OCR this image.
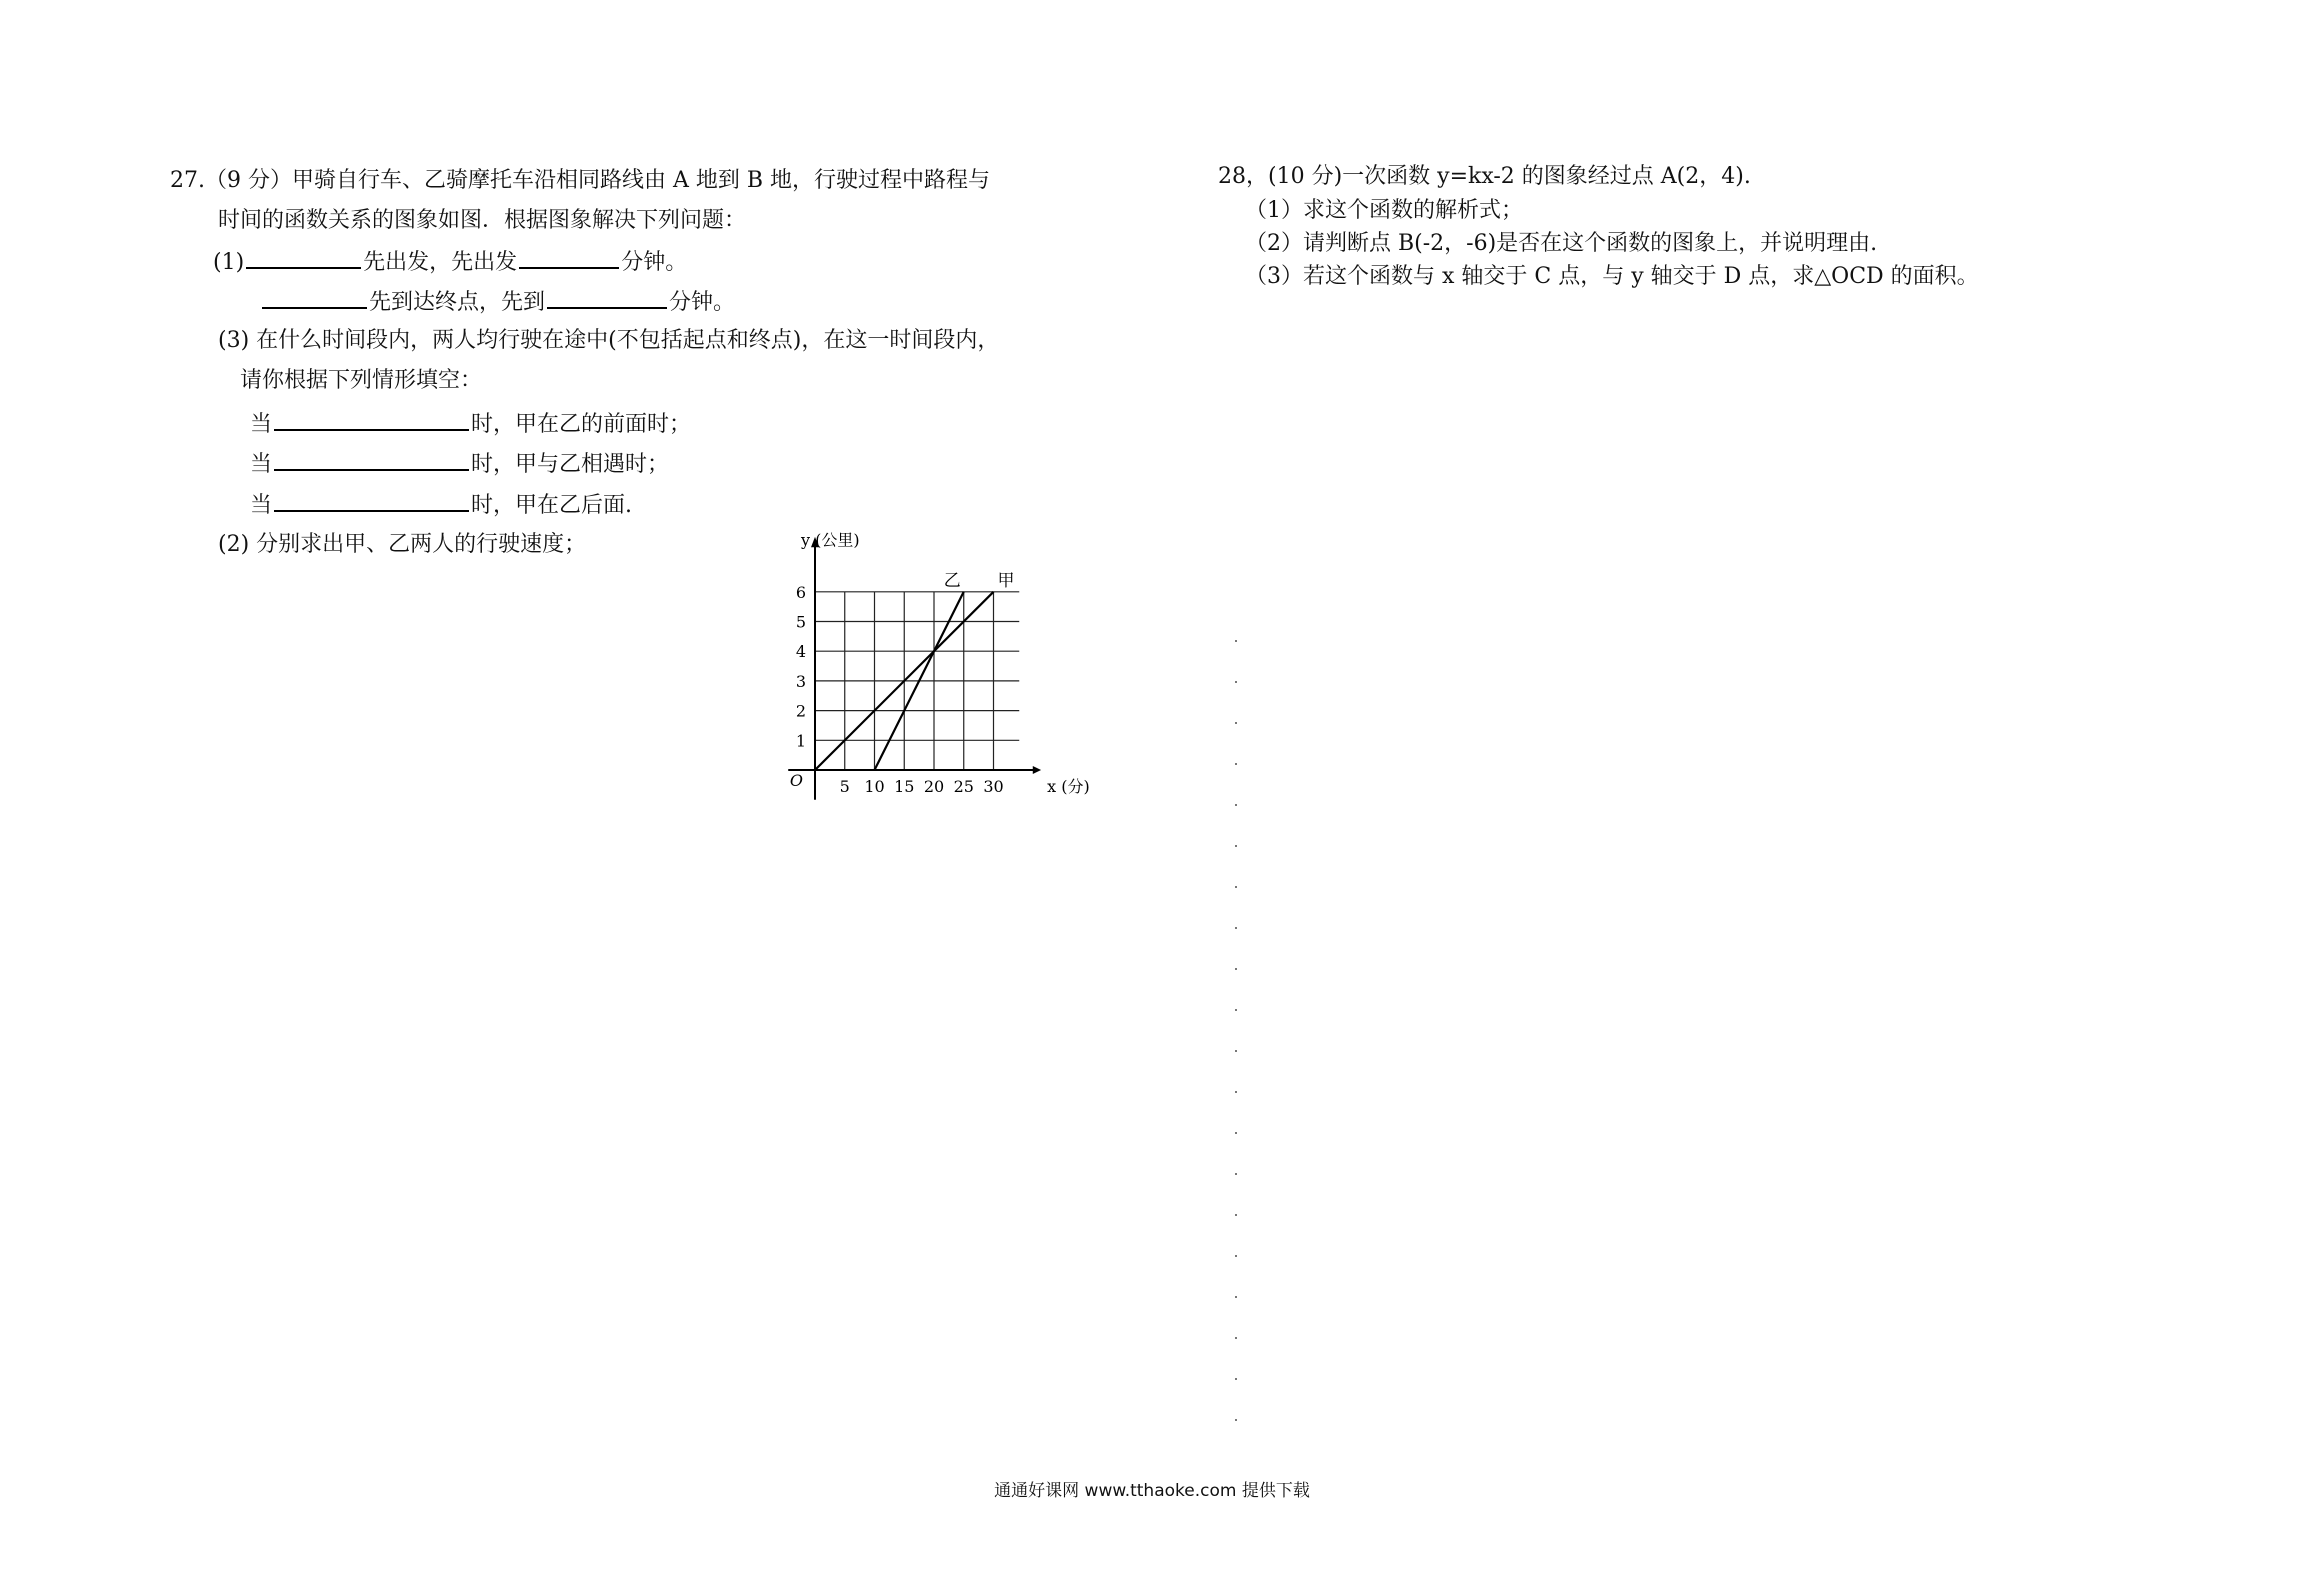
27.（9 分）甲骑自行车、乙骑摩托车沿相同路线由 A 地到 B 地，行驶过程中路程与
时间的函数关系的图象如图．根据图象解决下列问题：
(1)	先出发，先出发	分钟。
先到达终点，先到	分钟。
(3) 在什么时间段内，两人均行驶在途中(不包括起点和终点)，在这一时间段内，
请你根据下列情形填空：
当	时，甲在乙的前面时；
当	时，甲与乙相遇时；
当	时，甲在乙后面.
(2) 分别求出甲、乙两人的行驶速度；
5 10 15 20 25 30
1
2
3
4
5
6
O
y (公里)
x (分)
甲
乙
28，(10 分)一次函数 y=kx-2 的图象经过点 A(2，4).
（1）求这个函数的解析式；
（2）请判断点 B(-2，-6)是否在这个函数的图象上，并说明理由.
（3）若这个函数与 x 轴交于 C 点，与 y 轴交于 D 点，求△OCD 的面积。
通通好课网 www.tthaoke.com 提供下载
